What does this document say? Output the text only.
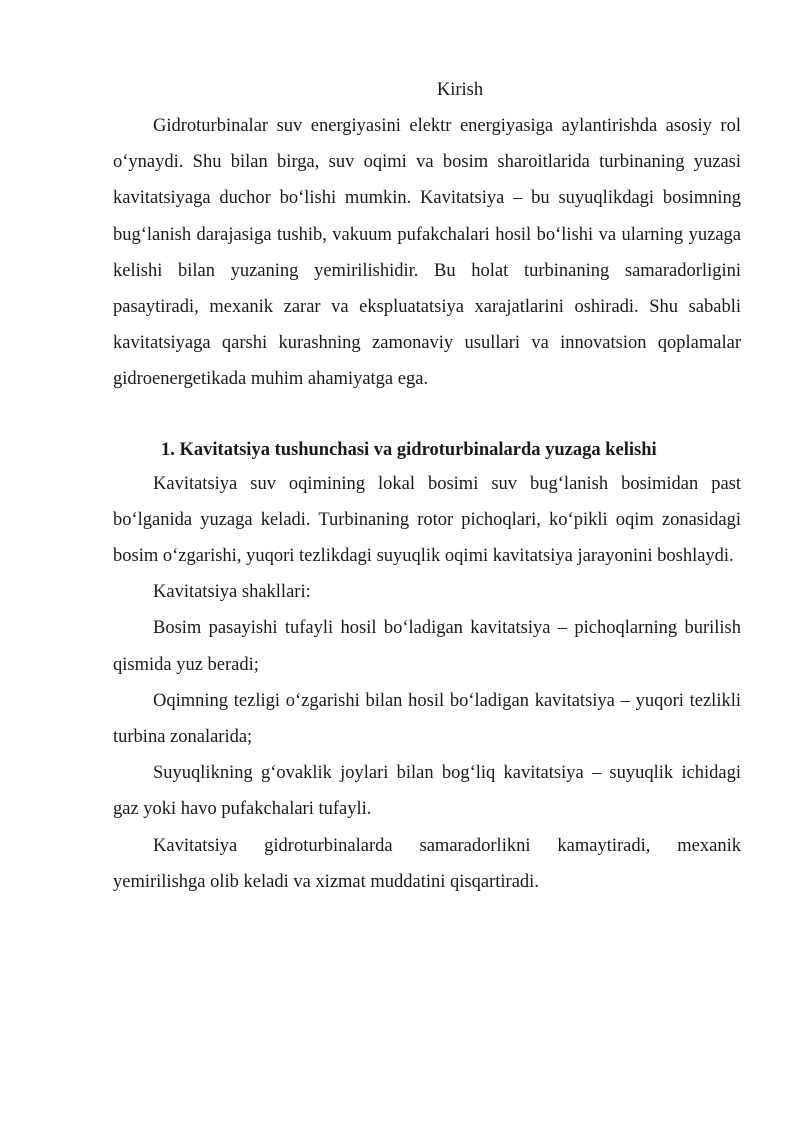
Kirish

Gidroturbinalar suv energiyasini elektr energiyasiga aylantirishda asosiy rol o‘ynaydi. Shu bilan birga, suv oqimi va bosim sharoitlarida turbinaning yuzasi kavitatsiyaga duchor bo‘lishi mumkin. Kavitatsiya – bu suyuqlikdagi bosimning bug‘lanish darajasiga tushib, vakuum pufakchalari hosil bo‘lishi va ularning yuzaga kelishi bilan yuzaning yemirilishidir. Bu holat turbinaning samaradorligini pasaytiradi, mexanik zarar va ekspluatatsiya xarajatlarini oshiradi. Shu sababli kavitatsiyaga qarshi kurashning zamonaviy usullari va innovatsion qoplamalar gidroenergetikada muhim ahamiyatga ega.

1. Kavitatsiya tushunchasi va gidroturbinalarda yuzaga kelishi

Kavitatsiya suv oqimining lokal bosimi suv bug‘lanish bosimidan past bo‘lganida yuzaga keladi. Turbinaning rotor pichoqlari, ko‘pikli oqim zonasidagi bosim o‘zgarishi, yuqori tezlikdagi suyuqlik oqimi kavitatsiya jarayonini boshlaydi.

Kavitatsiya shakllari:

Bosim pasayishi tufayli hosil bo‘ladigan kavitatsiya – pichoqlarning burilish qismida yuz beradi;

Oqimning tezligi o‘zgarishi bilan hosil bo‘ladigan kavitatsiya – yuqori tezlikli turbina zonalarida;

Suyuqlikning g‘ovaklik joylari bilan bog‘liq kavitatsiya – suyuqlik ichidagi gaz yoki havo pufakchalari tufayli.

Kavitatsiya gidroturbinalarda samaradorlikni kamaytiradi, mexanik yemirilishga olib keladi va xizmat muddatini qisqartiradi.
